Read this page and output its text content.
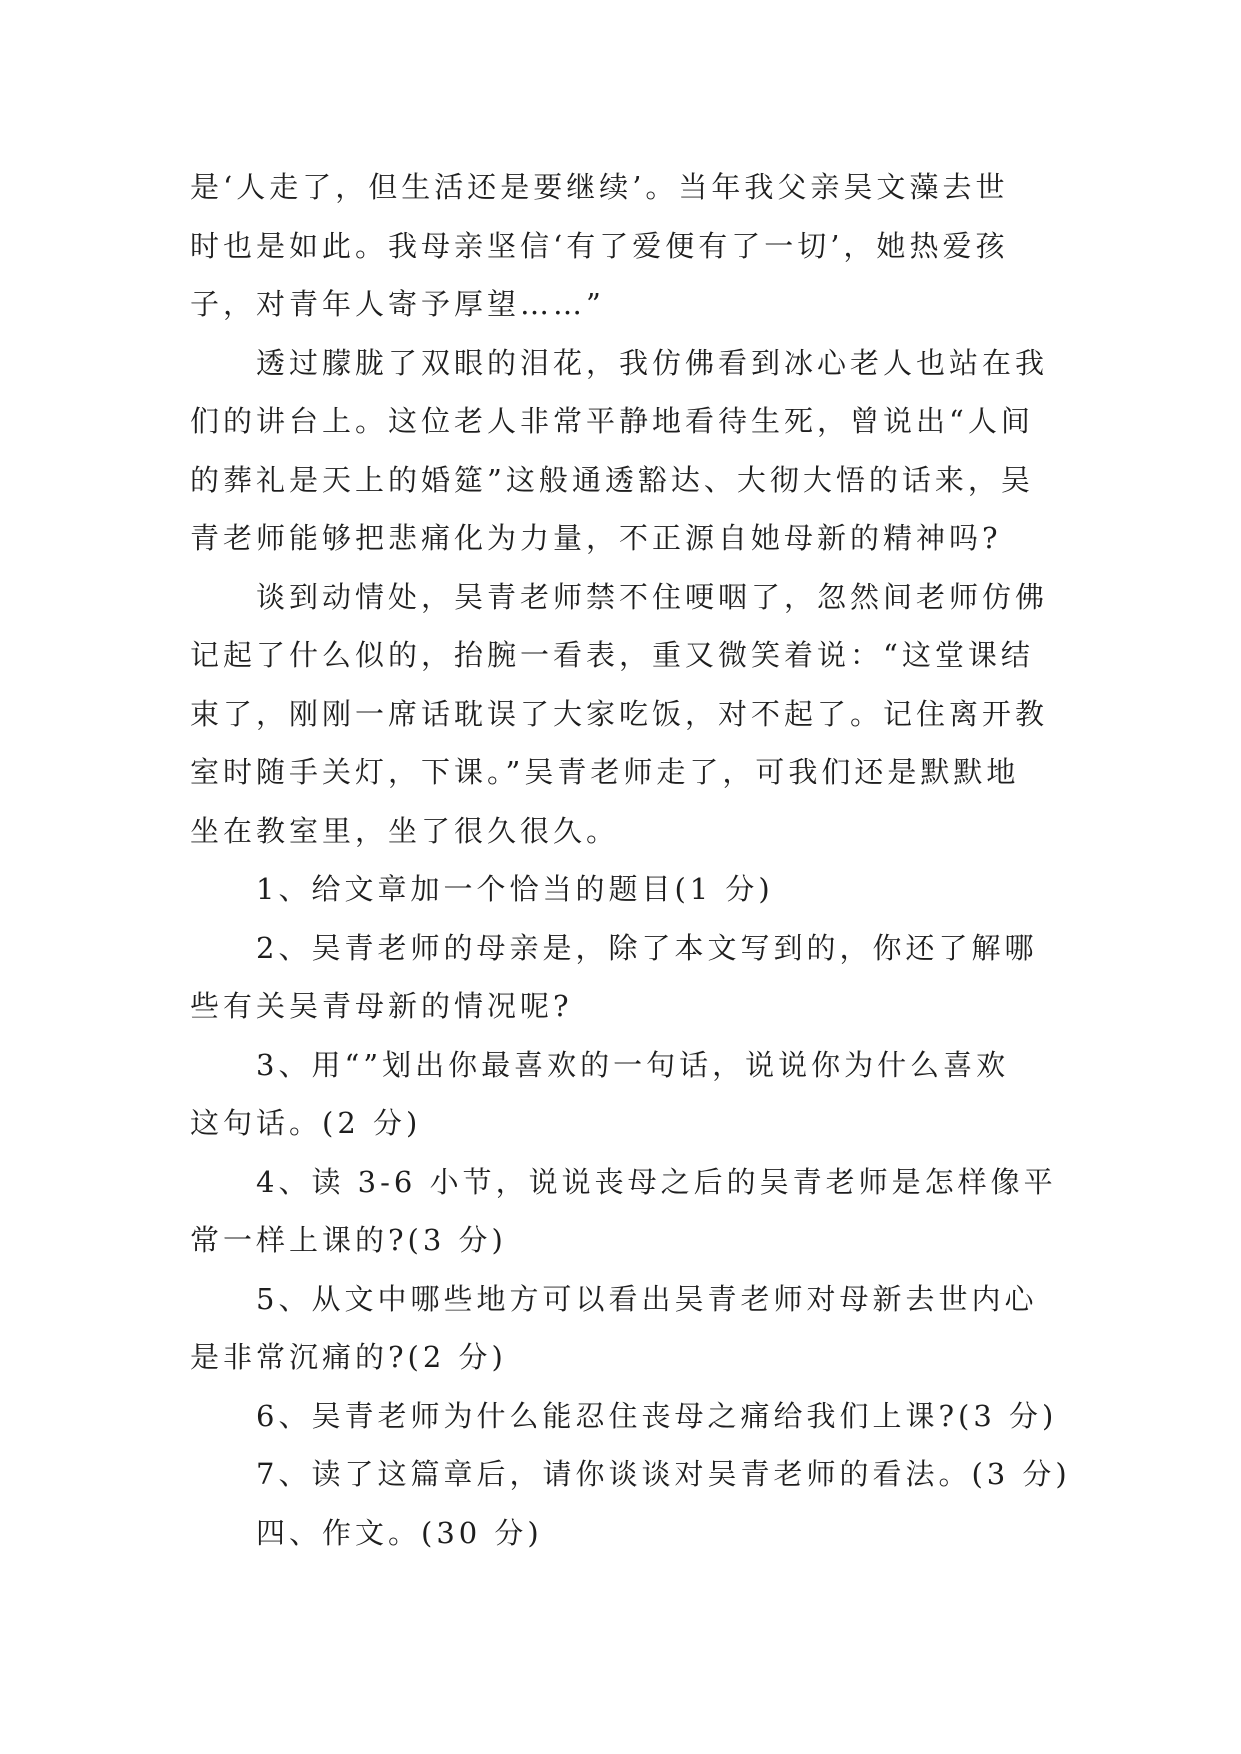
是‘人走了，但生活还是要继续’。当年我父亲吴文藻去世
时也是如此。我母亲坚信‘有了爱便有了一切’，她热爱孩
子，对青年人寄予厚望……”

透过朦胧了双眼的泪花，我仿佛看到冰心老人也站在我
们的讲台上。这位老人非常平静地看待生死，曾说出“人间
的葬礼是天上的婚筵”这般通透豁达、大彻大悟的话来，吴
青老师能够把悲痛化为力量，不正源自她母新的精神吗?

谈到动情处，吴青老师禁不住哽咽了，忽然间老师仿佛
记起了什么似的，抬腕一看表，重又微笑着说：“这堂课结
束了，刚刚一席话耽误了大家吃饭，对不起了。记住离开教
室时随手关灯，下课。”吴青老师走了，可我们还是默默地
坐在教室里，坐了很久很久。

1、给文章加一个恰当的题目(1 分)

2、吴青老师的母亲是，除了本文写到的，你还了解哪
些有关吴青母新的情况呢?

3、用“”划出你最喜欢的一句话，说说你为什么喜欢
这句话。(2 分)

4、读 3-6 小节，说说丧母之后的吴青老师是怎样像平
常一样上课的?(3 分)

5、从文中哪些地方可以看出吴青老师对母新去世内心
是非常沉痛的?(2 分)

6、吴青老师为什么能忍住丧母之痛给我们上课?(3 分)

7、读了这篇章后，请你谈谈对吴青老师的看法。(3 分)

四、作文。(30 分)
